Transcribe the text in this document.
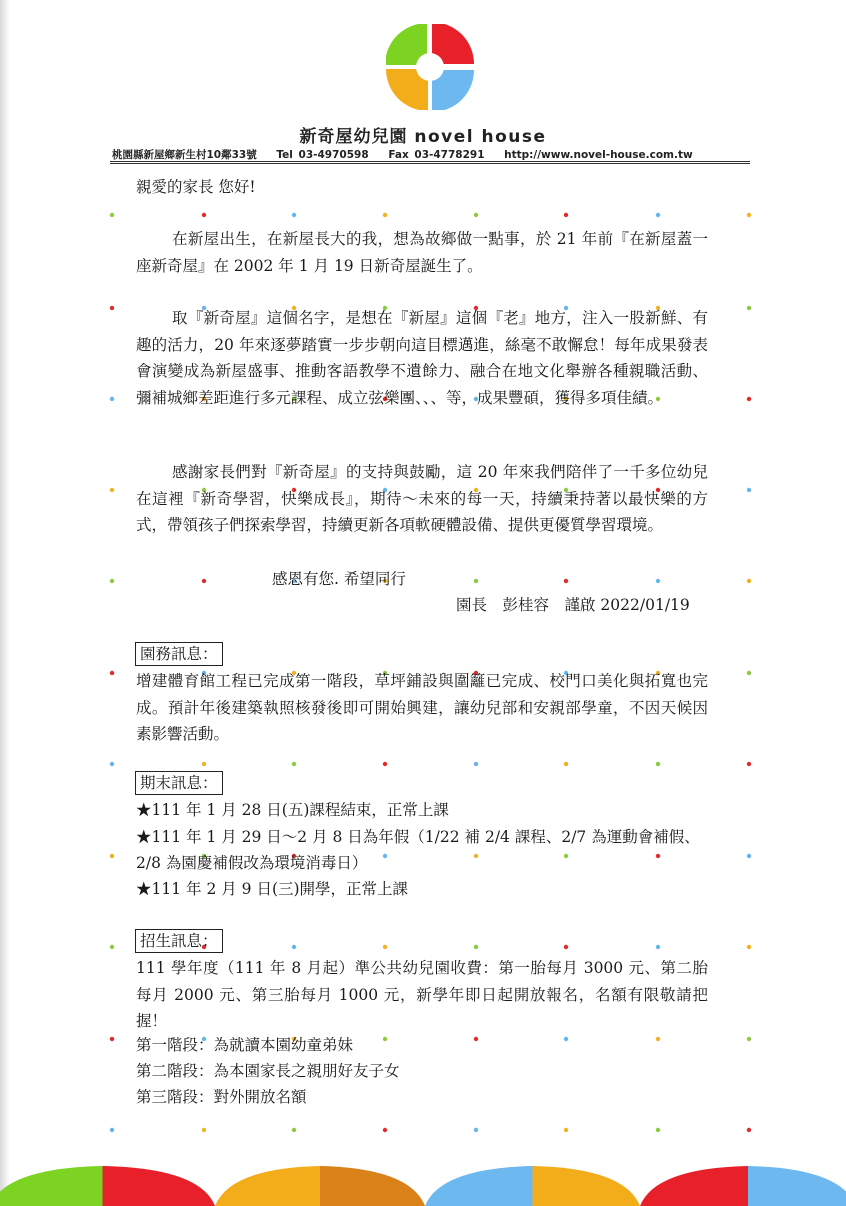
新奇屋幼兒園 novel house
桃園縣新屋鄉新生村10鄰33號 Tel 03-4970598 Fax 03-4778291 http://www.novel-house.com.tw
親愛的家長 您好!
在新屋出生，在新屋長大的我，想為故鄉做一點事，於 21 年前『在新屋蓋一座新奇屋』在 2002 年 1 月 19 日新奇屋誕生了。
取『新奇屋』這個名字，是想在『新屋』這個『老』地方，注入一股新鮮、有趣的活力，20 年來逐夢踏實一步步朝向這目標邁進，絲毫不敢懈怠！每年成果發表會演變成為新屋盛事、推動客語教學不遺餘力、融合在地文化舉辦各種親職活動、彌補城鄉差距進行多元課程、成立弦樂團、、、等，成果豐碩，獲得多項佳績。
感謝家長們對『新奇屋』的支持與鼓勵，這 20 年來我們陪伴了一千多位幼兒在這裡『新奇學習，快樂成長』，期待～未來的每一天，持續秉持著以最快樂的方式，帶領孩子們探索學習，持續更新各項軟硬體設備、提供更優質學習環境。
感恩有您. 希望同行
園長　彭桂容　謹啟 2022/01/19
園務訊息：
增建體育館工程已完成第一階段，草坪鋪設與圍籬已完成、校門口美化與拓寬也完成。預計年後建築執照核發後即可開始興建，讓幼兒部和安親部學童，不因天候因素影響活動。
期末訊息：
★111 年 1 月 28 日(五)課程結束，正常上課
★111 年 1 月 29 日～2 月 8 日為年假（1/22 補 2/4 課程、2/7 為運動會補假、
2/8 為園慶補假改為環境消毒日）
★111 年 2 月 9 日(三)開學，正常上課
招生訊息：
111 學年度（111 年 8 月起）準公共幼兒園收費：第一胎每月 3000 元、第二胎每月 2000 元、第三胎每月 1000 元，新學年即日起開放報名，名額有限敬請把握！
第一階段：為就讀本園幼童弟妹
第二階段：為本園家長之親朋好友子女
第三階段：對外開放名額
